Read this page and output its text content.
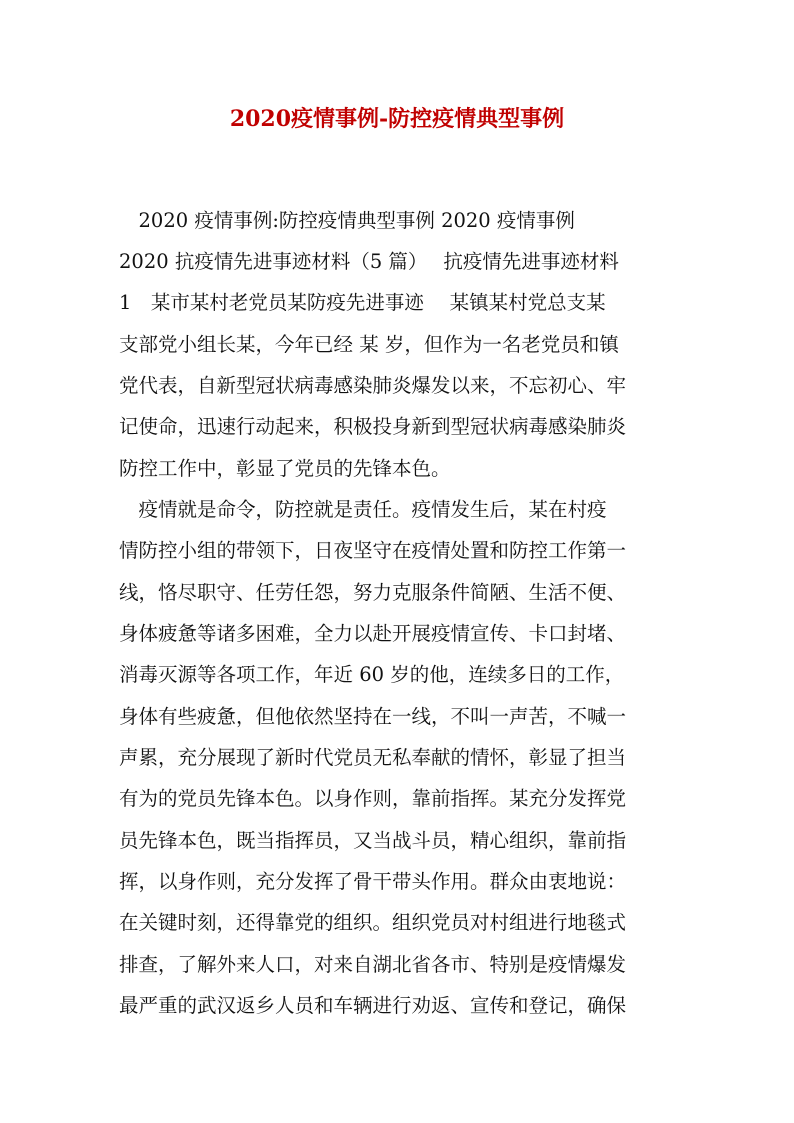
2020疫情事例-防控疫情典型事例
　2020 疫情事例:防控疫情典型事例 2020 疫情事例
2020 抗疫情先进事迹材料（5 篇）　 抗疫情先进事迹材料
1　某市某村老党员某防疫先进事迹　 某镇某村党总支某
支部党小组长某，今年已经 某 岁，但作为一名老党员和镇
党代表，自新型冠状病毒感染肺炎爆发以来，不忘初心、牢
记使命，迅速行动起来，积极投身新到型冠状病毒感染肺炎
防控工作中，彰显了党员的先锋本色。
　疫情就是命令，防控就是责任。疫情发生后，某在村疫
情防控小组的带领下，日夜坚守在疫情处置和防控工作第一
线，恪尽职守、任劳任怨，努力克服条件简陋、生活不便、
身体疲惫等诸多困难，全力以赴开展疫情宣传、卡口封堵、
消毒灭源等各项工作，年近 60 岁的他，连续多日的工作，
身体有些疲惫，但他依然坚持在一线，不叫一声苦，不喊一
声累，充分展现了新时代党员无私奉献的情怀，彰显了担当
有为的党员先锋本色。以身作则，靠前指挥。某充分发挥党
员先锋本色，既当指挥员，又当战斗员，精心组织，靠前指
挥，以身作则，充分发挥了骨干带头作用。群众由衷地说：
在关键时刻，还得靠党的组织。组织党员对村组进行地毯式
排查，了解外来人口，对来自湖北省各市、特别是疫情爆发
最严重的武汉返乡人员和车辆进行劝返、宣传和登记，确保
